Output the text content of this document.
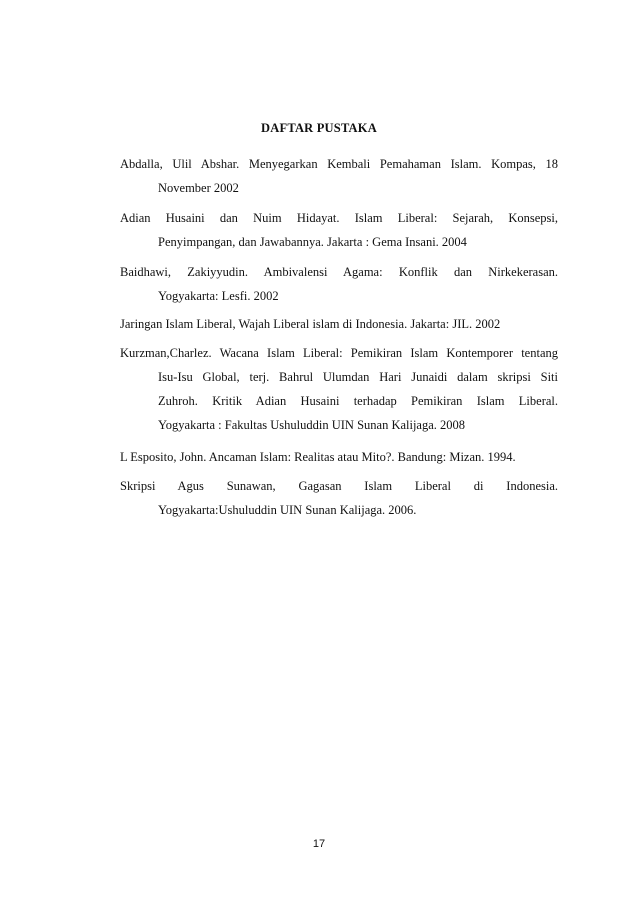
DAFTAR PUSTAKA
Abdalla, Ulil Abshar. Menyegarkan Kembali Pemahaman Islam. Kompas, 18
November 2002
Adian Husaini dan Nuim Hidayat. Islam Liberal: Sejarah, Konsepsi,
Penyimpangan, dan Jawabannya. Jakarta : Gema Insani. 2004
Baidhawi, Zakiyyudin. Ambivalensi Agama: Konflik dan Nirkekerasan.
Yogyakarta: Lesfi. 2002
Jaringan Islam Liberal, Wajah Liberal islam di Indonesia. Jakarta: JIL. 2002
Kurzman,Charlez. Wacana Islam Liberal: Pemikiran Islam Kontemporer tentang
Isu-Isu Global, terj. Bahrul Ulumdan Hari Junaidi dalam skripsi Siti
Zuhroh. Kritik Adian Husaini terhadap Pemikiran Islam Liberal.
Yogyakarta : Fakultas Ushuluddin UIN Sunan Kalijaga. 2008
L Esposito, John. Ancaman Islam: Realitas atau Mito?. Bandung: Mizan. 1994.
Skripsi Agus Sunawan, Gagasan Islam Liberal di Indonesia.
Yogyakarta:Ushuluddin UIN Sunan Kalijaga. 2006.
17
